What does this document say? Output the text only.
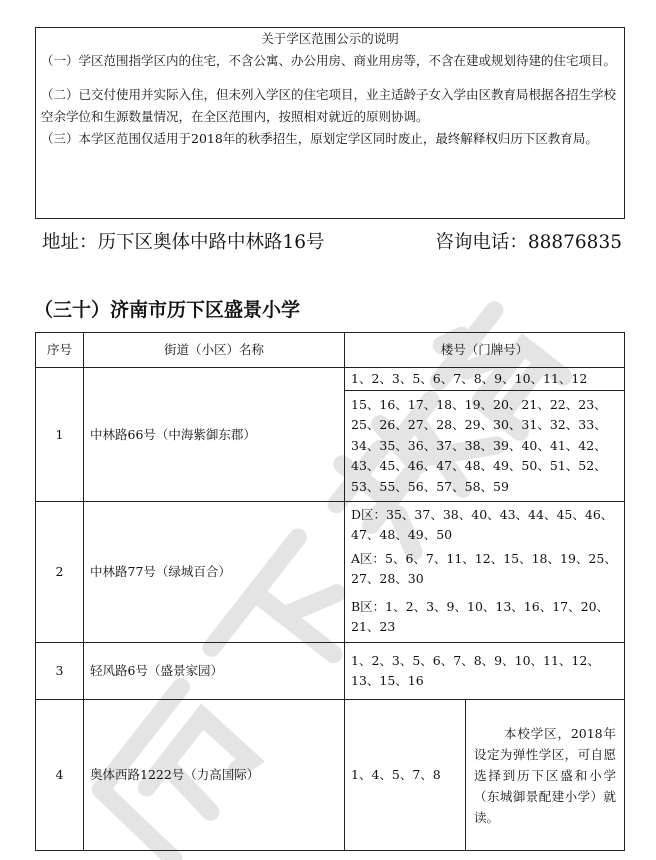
关于学区范围公示的说明

（一）学区范围指学区内的住宅，不含公寓、办公用房、商业用房等，不含在建或规划待建的住宅项目。

（二）已交付使用并实际入住，但未列入学区的住宅项目，业主适龄子女入学由区教育局根据各招生学校空余学位和生源数量情况，在全区范围内，按照相对就近的原则协调。

（三）本学区范围仅适用于2018年的秋季招生，原划定学区同时废止，最终解释权归历下区教育局。

地址：历下区奥体中路中林路16号	咨询电话：88876835
（三十）济南市历下区盛景小学
序号	街道（小区）名称	楼号（门牌号）	
1	中林路66号（中海紫御东郡）	1、2、3、5、6、7、8、9、10、11、12	
		15、16、17、18、19、20、21、22、23、25、26、27、28、29、30、31、32、33、34、35、36、37、38、39、40、41、42、43、45、46、47、48、49、50、51、52、53、55、56、57、58、59	
2	中林路77号（绿城百合）	D区：35、37、38、40、43、44、45、46、47、48、49、50
A区：5、6、7、11、12、15、18、19、25、27、28、30
B区：1、2、3、9、10、13、16、17、20、21、23	

3	轻风路6号（盛景家园）	1、2、3、5、6、7、8、9、10、11、12、13、15、16	
4	奥体西路1222号（力高国际）	1、4、5、7、8	本校学区，2018年设定为弹性学区，可自愿选择到历下区盛和小学（东城御景配建小学）就读。
